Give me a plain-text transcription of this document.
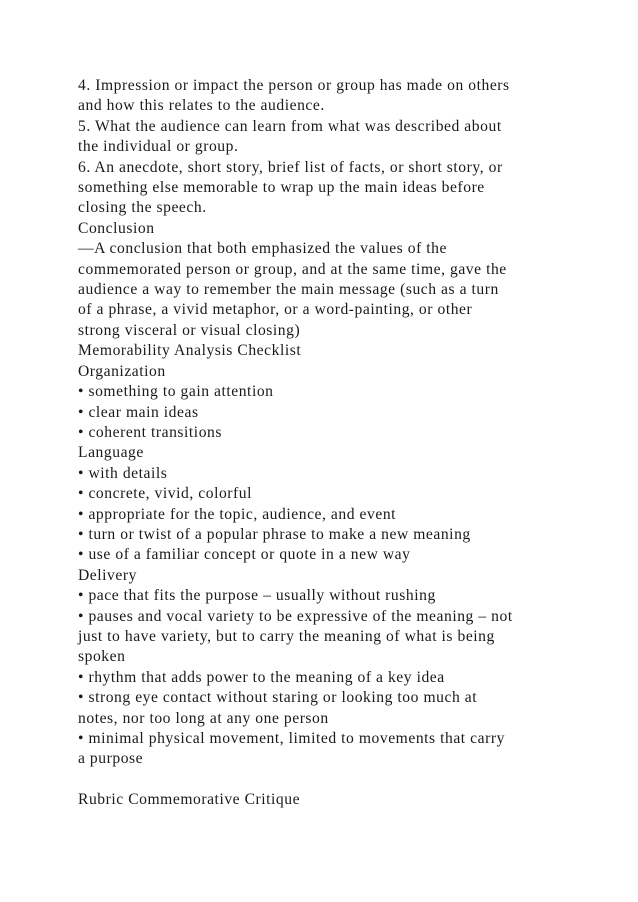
4. Impression or impact the person or group has made on others
and how this relates to the audience.
5. What the audience can learn from what was described about
the individual or group.
6. An anecdote, short story, brief list of facts, or short story, or
something else memorable to wrap up the main ideas before
closing the speech.
Conclusion
—A conclusion that both emphasized the values of the
commemorated person or group, and at the same time, gave the
audience a way to remember the main message (such as a turn
of a phrase, a vivid metaphor, or a word-painting, or other
strong visceral or visual closing)
Memorability Analysis Checklist
Organization
• something to gain attention
• clear main ideas
• coherent transitions
Language
• with details
• concrete, vivid, colorful
• appropriate for the topic, audience, and event
• turn or twist of a popular phrase to make a new meaning
• use of a familiar concept or quote in a new way
Delivery
• pace that fits the purpose – usually without rushing
• pauses and vocal variety to be expressive of the meaning – not
just to have variety, but to carry the meaning of what is being
spoken
• rhythm that adds power to the meaning of a key idea
• strong eye contact without staring or looking too much at
notes, nor too long at any one person
• minimal physical movement, limited to movements that carry
a purpose
Rubric Commemorative Critique
